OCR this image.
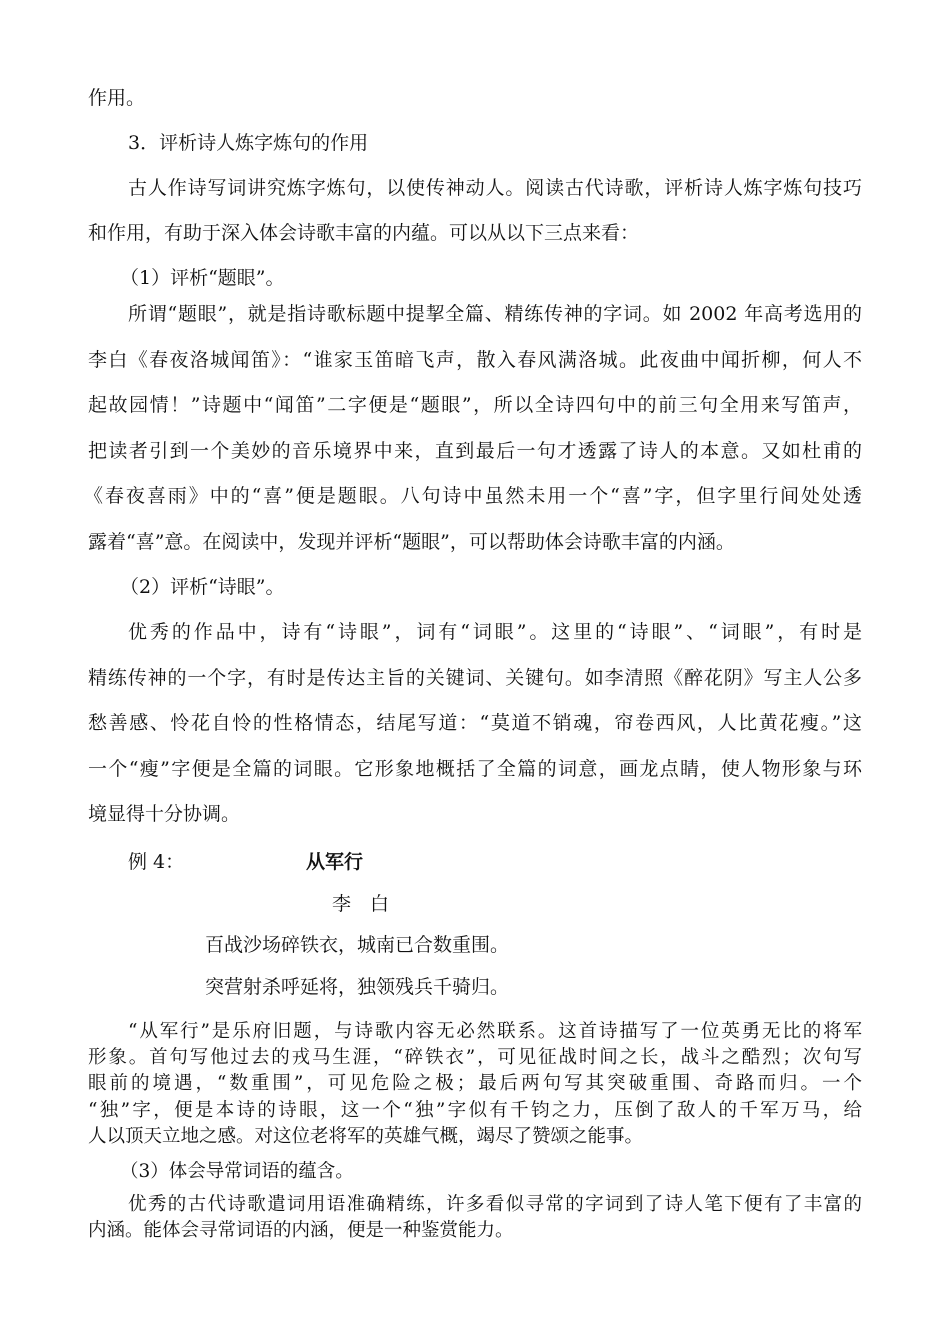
作用。
3．评析诗人炼字炼句的作用
古人作诗写词讲究炼字炼句，以使传神动人。阅读古代诗歌，评析诗人炼字炼句技巧
和作用，有助于深入体会诗歌丰富的内蕴。可以从以下三点来看：
（1）评析“题眼”。
所谓“题眼”，就是指诗歌标题中提挈全篇、精练传神的字词。如 2002 年高考选用的
李白《春夜洛城闻笛》：“谁家玉笛暗飞声，散入春风满洛城。此夜曲中闻折柳，何人不
起故园情！”诗题中“闻笛”二字便是“题眼”，所以全诗四句中的前三句全用来写笛声，
把读者引到一个美妙的音乐境界中来，直到最后一句才透露了诗人的本意。又如杜甫的
《春夜喜雨》中的“喜”便是题眼。八句诗中虽然未用一个“喜”字，但字里行间处处透
露着“喜”意。在阅读中，发现并评析“题眼”，可以帮助体会诗歌丰富的内涵。
（2）评析“诗眼”。
优秀的作品中，诗有“诗眼”，词有“词眼”。这里的“诗眼”、“词眼”，有时是
精练传神的一个字，有时是传达主旨的关键词、关键句。如李清照《醉花阴》写主人公多
愁善感、怜花自怜的性格情态，结尾写道：“莫道不销魂，帘卷西风，人比黄花瘦。”这
一个“瘦”字便是全篇的词眼。它形象地概括了全篇的词意，画龙点睛，使人物形象与环
境显得十分协调。
例 4：	从军行
李　白
百战沙场碎铁衣，城南已合数重围。
突营射杀呼延将，独领残兵千骑归。
“从军行”是乐府旧题，与诗歌内容无必然联系。这首诗描写了一位英勇无比的将军
形象。首句写他过去的戎马生涯，“碎铁衣”，可见征战时间之长，战斗之酷烈；次句写
眼前的境遇，“数重围”，可见危险之极；最后两句写其突破重围、奇路而归。一个
“独”字，便是本诗的诗眼，这一个“独”字似有千钧之力，压倒了敌人的千军万马，给
人以顶天立地之感。对这位老将军的英雄气概，竭尽了赞颂之能事。
（3）体会导常词语的蕴含。
优秀的古代诗歌遣词用语准确精练，许多看似寻常的字词到了诗人笔下便有了丰富的
内涵。能体会寻常词语的内涵，便是一种鉴赏能力。
